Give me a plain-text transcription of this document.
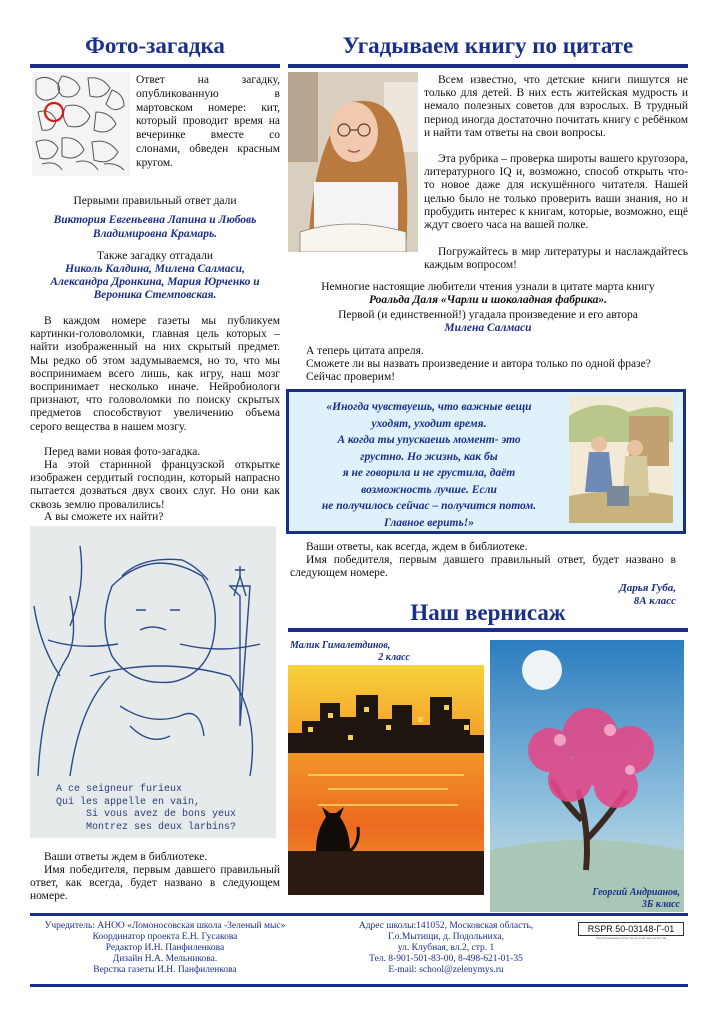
Фото-загадка
Ответ на загадку, опубликованную в мартовском номере: кит, который проводит время на вечеринке вместе со слонами, обведен красным кругом.
Первыми правильный ответ дали
Виктория Евгеньевна Лапина и Любовь Владимировна Крамарь.
Также загадку отгадали
Николь Калдина, Милена Салмаси, Александра Дронкина, Мария Юрченко и Вероника Стемповская.
В каждом номере газеты мы публикуем картинки-головоломки, главная цель которых – найти изображенный на них скрытый предмет. Мы редко об этом задумываемся, но то, что мы воспринимаем всего лишь, как игру, наш мозг воспринимает несколько иначе. Нейробиологи признают, что головоломки по поиску скрытых предметов способствуют увеличению объема серого вещества в нашем мозгу.
Перед вами новая фото-загадка.
На этой старинной французской открытке изображен сердитый господин, который напрасно пытается дозваться двух своих слуг. Но они как сквозь землю провалились!
А вы сможете их найти?
A ce seigneur furieux
Qui les appelle en vain,
Si vous avez de bons yeux
Montrez ses deux larbins?
Ваши ответы ждем в библиотеке.
Имя победителя, первым давшего правильный ответ, как всегда, будет названо в следующем номере.
Угадываем книгу по цитате
Всем известно, что детские книги пишутся не только для детей. В них есть житейская мудрость и немало полезных советов для взрослых. В трудный период иногда достаточно почитать книгу с ребёнком и найти там ответы на свои вопросы.
Эта рубрика – проверка широты вашего кругозора, литературного IQ и, возможно, способ открыть что-то новое даже для искушённого читателя. Нашей целью было не только проверить ваши знания, но и пробудить интерес к книгам, которые, возможно, ещё ждут своего часа на вашей полке.
Погружайтесь в мир литературы и наслаждайтесь каждым вопросом!
Немногие настоящие любители чтения узнали в цитате марта книгу
Роальда Даля «Чарли и шоколадная фабрика».
Первой (и единственной!) угадала произведение и его автора
Милена Салмаси
А теперь цитата апреля.
Сможете ли вы назвать произведение и автора только по одной фразе? Сейчас проверим!
«Иногда чувствуешь, что важные вещи
уходят, уходит время.
А когда ты упускаешь момент- это
грустно. Но жизнь, как бы
я не говорила и не грустила, даёт
возможность лучше. Если
не получилось сейчас – получится потом.
Главное верить!»
Ваши ответы, как всегда, ждем в библиотеке.
Имя победителя, первым давшего правильный ответ, будет названо в следующем номере.
Дарья Губа,
8А класс
Наш вернисаж
Малик Гималетдинов,
2 класс
Георгий Андрианов,
3Б класс
Учредитель: АНОО «Ломоносовская школа -Зеленый мыс»
Координатор проекта Е.Н. Гусакова
Редактор И.Н. Панфиленкова
Дизайн Н.А. Мельникова.
Верстка газеты И.Н. Панфиленкова
Адрес школы:141052, Московская область,
Г.о.Мытищи, д. Подольниха,
ул. Клубная, вл.2, стр. 1
Тел. 8-901-501-83-00, 8-498-621-01-35
E-mail: school@zelenymys.ru
RSPR 50-03148-Г-01
Зарегистрировано в Реестре детской прессы России
